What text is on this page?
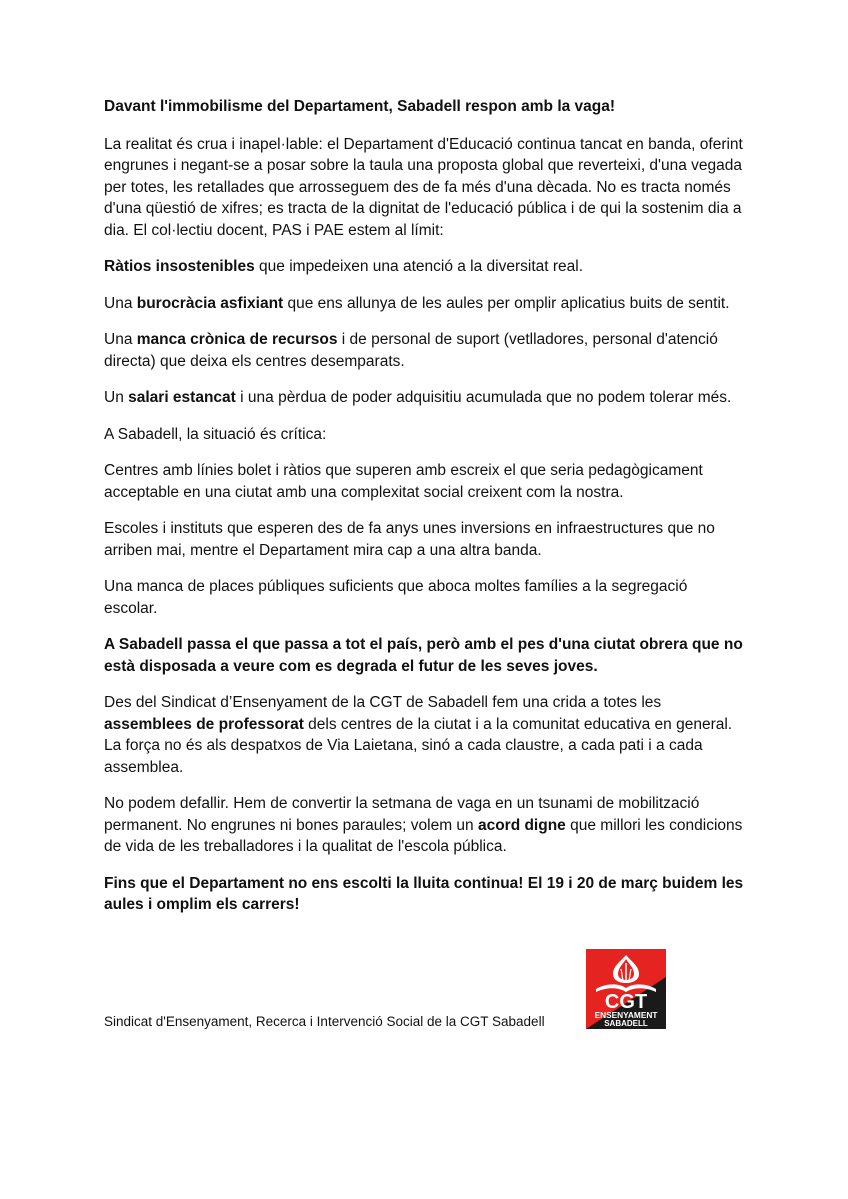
Davant l'immobilisme del Departament, Sabadell respon amb la vaga!

La realitat és crua i inapel·lable: el Departament d'Educació continua tancat en banda, oferint engrunes i negant-se a posar sobre la taula una proposta global que reverteixi, d'una vegada per totes, les retallades que arrosseguem des de fa més d'una dècada. No es tracta només d'una qüestió de xifres; es tracta de la dignitat de l'educació pública i de qui la sostenim dia a dia. El col·lectiu docent, PAS i PAE estem al límit:

Ràtios insostenibles que impedeixen una atenció a la diversitat real.

Una burocràcia asfixiant que ens allunya de les aules per omplir aplicatius buits de sentit.

Una manca crònica de recursos i de personal de suport (vetlladores, personal d'atenció directa) que deixa els centres desemparats.

Un salari estancat i una pèrdua de poder adquisitiu acumulada que no podem tolerar més.

A Sabadell, la situació és crítica:

Centres amb línies bolet i ràtios que superen amb escreix el que seria pedagògicament acceptable en una ciutat amb una complexitat social creixent com la nostra.

Escoles i instituts que esperen des de fa anys unes inversions en infraestructures que no arriben mai, mentre el Departament mira cap a una altra banda.

Una manca de places públiques suficients que aboca moltes famílies a la segregació escolar.

A Sabadell passa el que passa a tot el país, però amb el pes d'una ciutat obrera que no està disposada a veure com es degrada el futur de les seves joves.

Des del Sindicat d’Ensenyament de la CGT de Sabadell fem una crida a totes les assemblees de professorat dels centres de la ciutat i a la comunitat educativa en general. La força no és als despatxos de Via Laietana, sinó a cada claustre, a cada pati i a cada assemblea.

No podem defallir. Hem de convertir la setmana de vaga en un tsunami de mobilització permanent. No engrunes ni bones paraules; volem un acord digne que millori les condicions de vida de les treballadores i la qualitat de l'escola pública.

Fins que el Departament no ens escolti la lluita continua! El 19 i 20 de març buidem les aules i omplim els carrers!

Sindicat d'Ensenyament, Recerca i Intervenció Social de la CGT Sabadell
CGT
ENSENYAMENT
SABADELL
